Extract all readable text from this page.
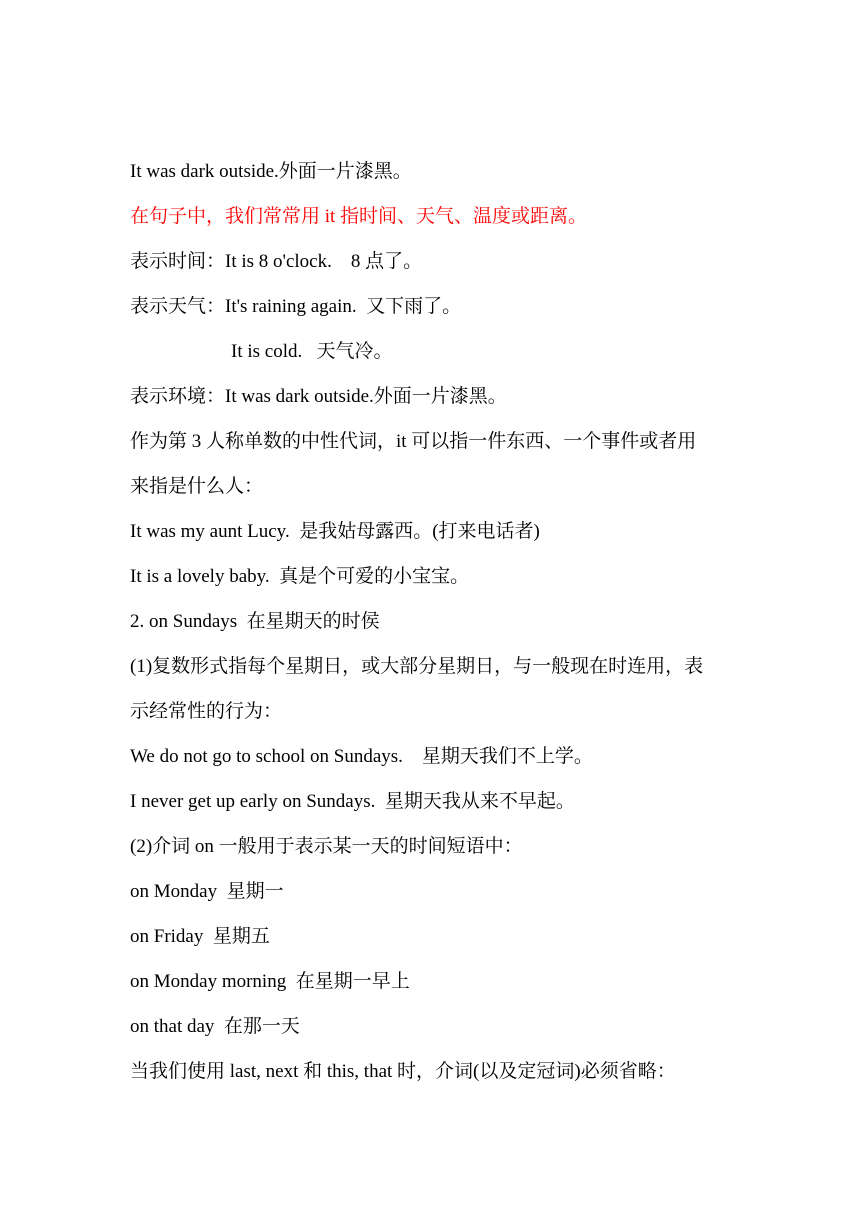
It was dark outside.外面一片漆黑。
在句子中，我们常常用 it 指时间、天气、温度或距离。
表示时间：It is 8 o'clock.    8 点了。
表示天气：It's raining again.  又下雨了。
It is cold.   天气冷。
表示环境：It was dark outside.外面一片漆黑。
作为第 3 人称单数的中性代词，it 可以指一件东西、一个事件或者用
来指是什么人：
It was my aunt Lucy.  是我姑母露西。(打来电话者)
It is a lovely baby.  真是个可爱的小宝宝。
2. on Sundays  在星期天的时侯
(1)复数形式指每个星期日，或大部分星期日，与一般现在时连用，表
示经常性的行为：
We do not go to school on Sundays.    星期天我们不上学。
I never get up early on Sundays.  星期天我从来不早起。
(2)介词 on 一般用于表示某一天的时间短语中：
on Monday  星期一
on Friday  星期五
on Monday morning  在星期一早上
on that day  在那一天
当我们使用 last, next 和 this, that 时，介词(以及定冠词)必须省略：
